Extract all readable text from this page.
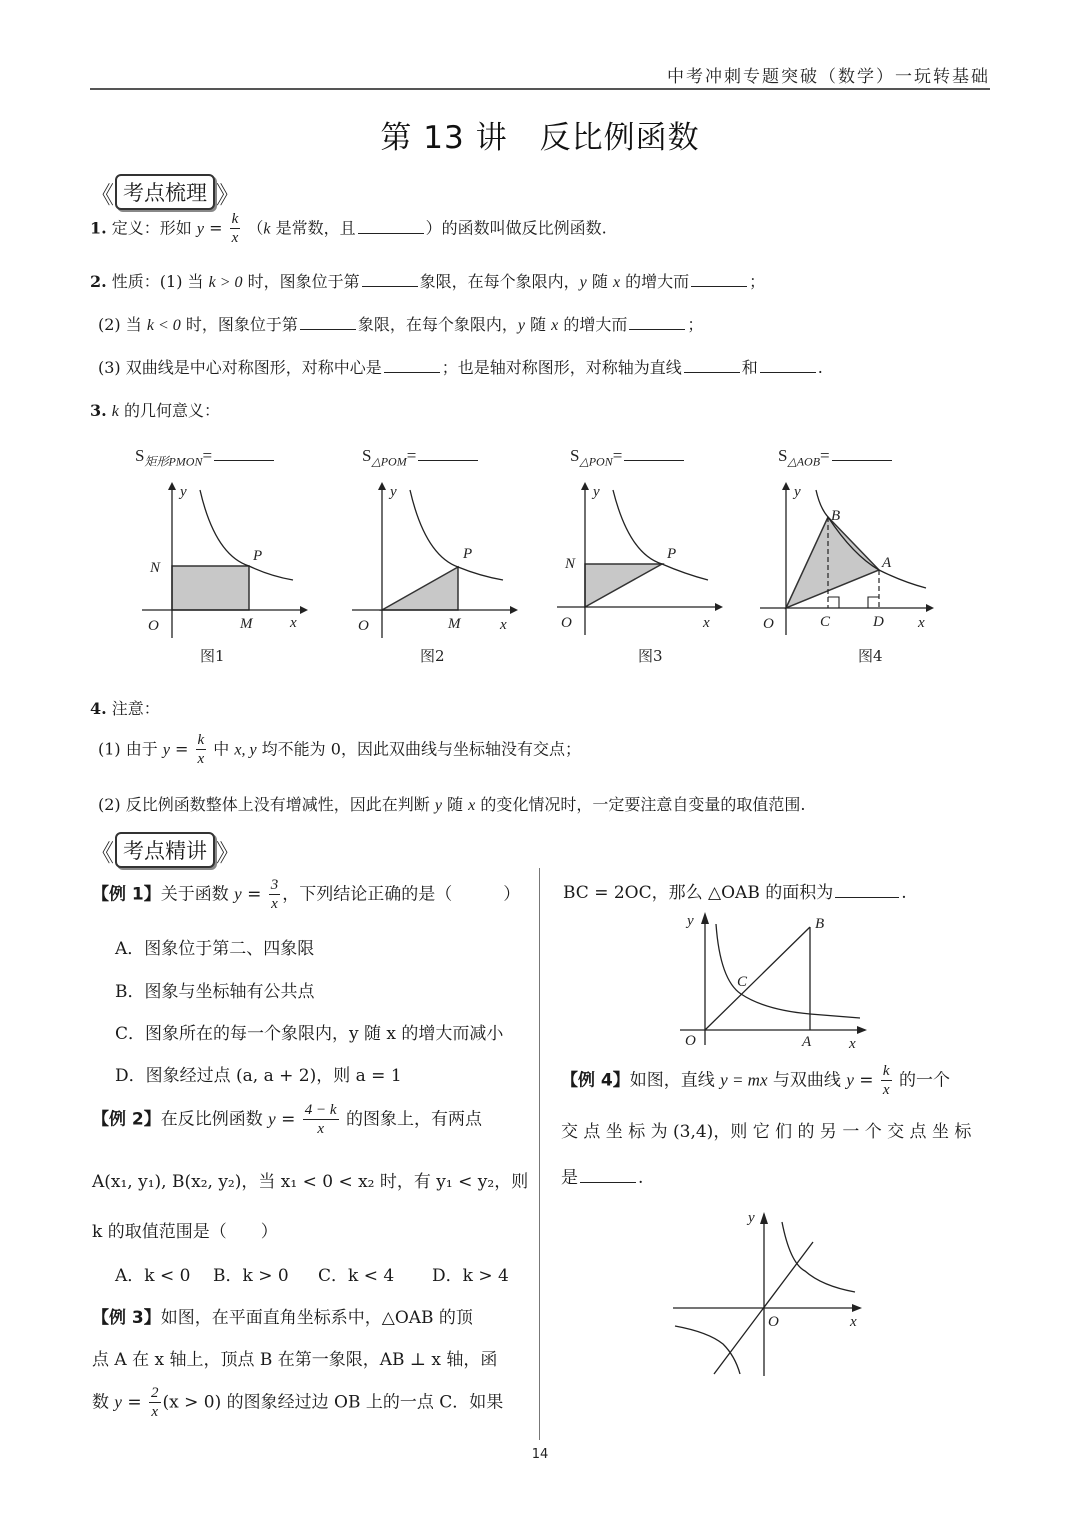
中考冲刺专题突破（数学）一玩转基础
第 13 讲　反比例函数
《 考点梳理 》
1. 定义：形如 $y = \frac{k}{x} (k$ 是常数，且	）的函数叫做反比例函数.
2. 性质：(1) 当 k > 0 时，图象位于第	象限，在每个象限内，y 随 x 的增大而	；
(2) 当 k < 0 时，图象位于第	象限，在每个象限内，y 随 x 的增大而	；
(3) 双曲线是中心对称图形，对称中心是	；也是轴对称图形，对称轴为直线	和	.
3. k 的几何意义：
$S_{矩形PMON}=$	$S_{\triangle POM}=$	$S_{\triangle PON}=$	$S_{\triangle AOB}=$
y
x
O
N
P
M
图1
y
x
O
P
M
图2
y
x
O
N
P
图3
y
x
O
B
A
C	D
图4
4. 注意：
(1) 由于 $y = \frac{k}{x}$ 中 x, y 均不能为 0，因此双曲线与坐标轴没有交点；
(2) 反比例函数整体上没有增减性，因此在判断 y 随 x 的变化情况时，一定要注意自变量的取值范围.
《 考点精讲 》
【例 1】关于函数 $y = \frac{3}{x}$ ，下列结论正确的是（　　　）
A．图象位于第二、四象限
B．图象与坐标轴有公共点
C．图象所在的每一个象限内，y 随 x 的增大而减小
D．图象经过点 (a, a + 2)，则 a = 1
【例 2】在反比例函数 $y = \frac{4 - k}{x}$ 的图象上，有两点
A(x₁, y₁), B(x₂, y₂)，当 x₁ < 0 < x₂ 时，有 y₁ < y₂，则
k 的取值范围是（　　）
A．k < 0 B．k > 0 C．k < 4 D．k > 4
【例 3】如图，在平面直角坐标系中，△OAB 的顶
点 A 在 x 轴上，顶点 B 在第一象限，AB ⊥ x 轴，函
数 $y = \frac{2}{x} (x > 0)$ 的图象经过边 OB 上的一点 C．如果
BC = 2OC，那么 △OAB 的面积为	.
y
x
O	A
B
C
【例 4】如图，直线 y = mx 与双曲线 $y = \frac{k}{x}$ 的一个
交 点 坐 标 为 (3,4)，则 它 们 的 另 一 个 交 点 坐 标
是	.
y
x
O
14
